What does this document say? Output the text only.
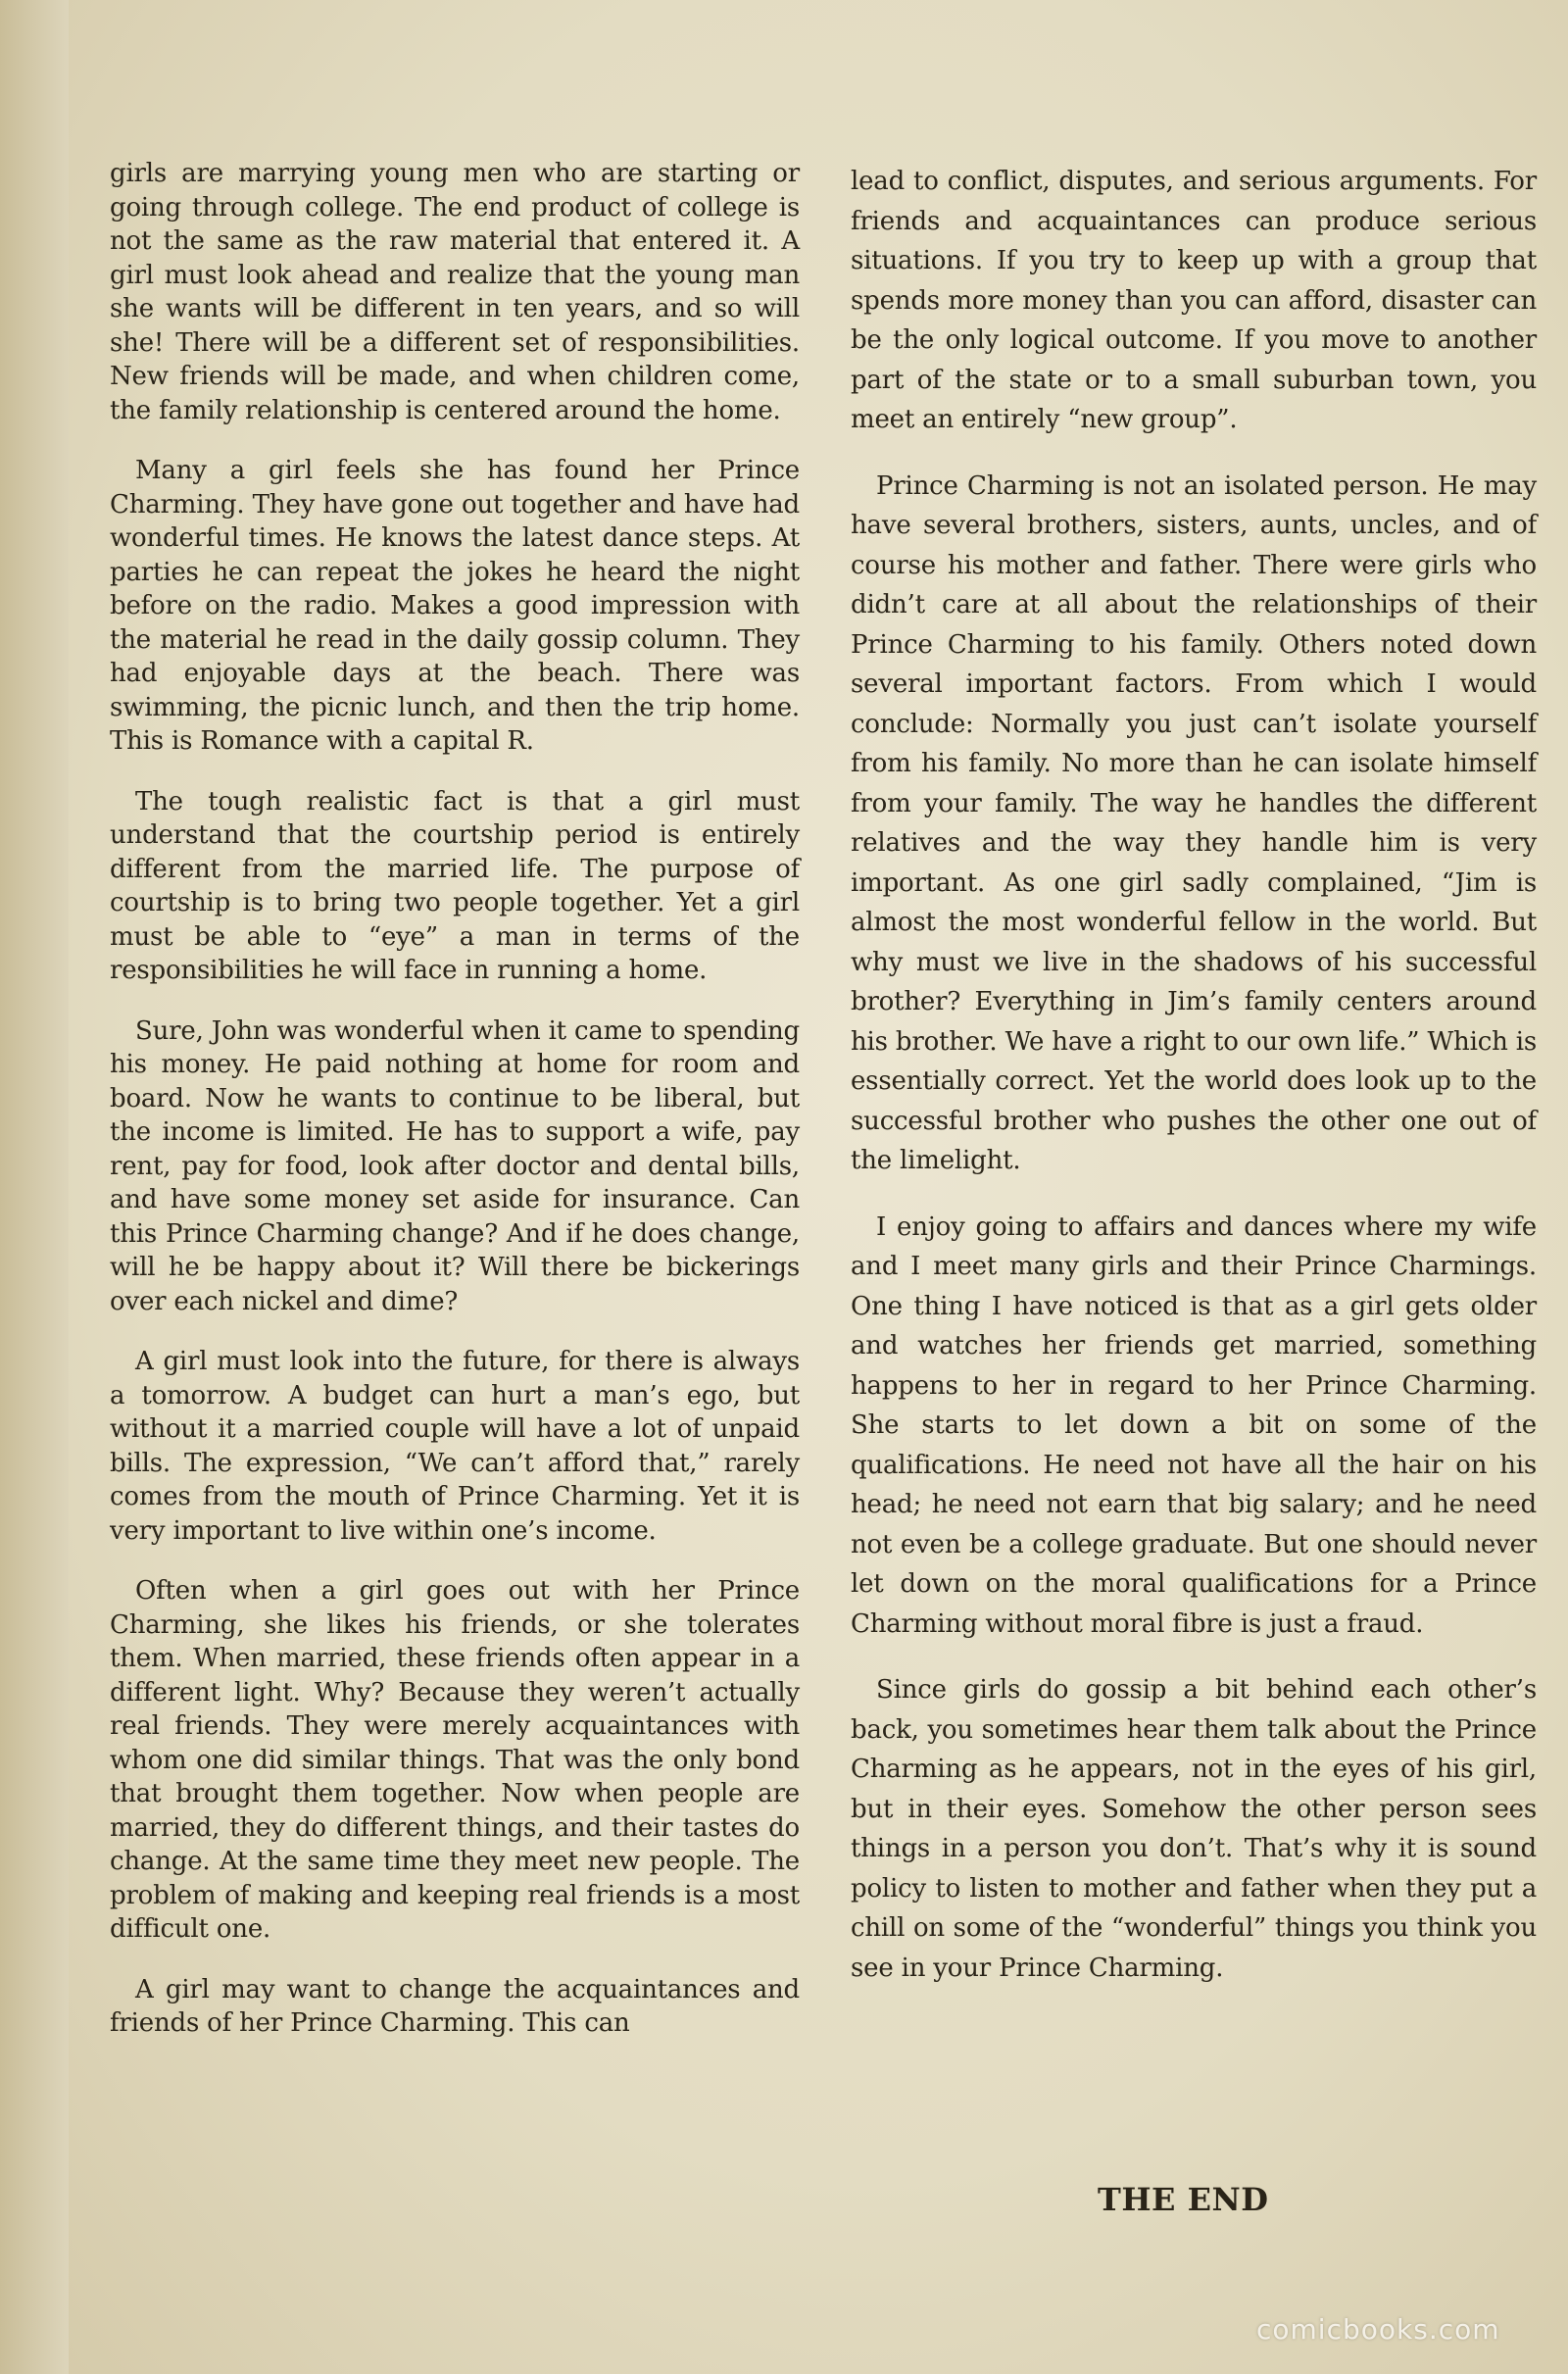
girls are marrying young men who are starting or going through college. The end product of college is not the same as the raw material that entered it. A girl must look ahead and realize that the young man she wants will be different in ten years, and so will she! There will be a different set of responsibilities. New friends will be made, and when children come, the family relationship is centered around the home.

Many a girl feels she has found her Prince Charming. They have gone out together and have had wonderful times. He knows the latest dance steps. At parties he can repeat the jokes he heard the night before on the radio. Makes a good impression with the material he read in the daily gossip column. They had enjoyable days at the beach. There was swimming, the picnic lunch, and then the trip home. This is Romance with a capital R.

The tough realistic fact is that a girl must understand that the courtship period is entirely different from the married life. The purpose of courtship is to bring two people together. Yet a girl must be able to “eye” a man in terms of the responsibilities he will face in running a home.

Sure, John was wonderful when it came to spending his money. He paid nothing at home for room and board. Now he wants to continue to be liberal, but the income is limited. He has to support a wife, pay rent, pay for food, look after doctor and dental bills, and have some money set aside for insurance. Can this Prince Charming change? And if he does change, will he be happy about it? Will there be bickerings over each nickel and dime?

A girl must look into the future, for there is always a tomorrow. A budget can hurt a man’s ego, but without it a married couple will have a lot of unpaid bills. The expression, “We can’t afford that,” rarely comes from the mouth of Prince Charming. Yet it is very important to live within one’s income.

Often when a girl goes out with her Prince Charming, she likes his friends, or she tolerates them. When married, these friends often appear in a different light. Why? Because they weren’t actually real friends. They were merely acquaintances with whom one did similar things. That was the only bond that brought them together. Now when people are married, they do different things, and their tastes do change. At the same time they meet new people. The problem of making and keeping real friends is a most difficult one.

A girl may want to change the acquaintances and friends of her Prince Charming. This can

lead to conflict, disputes, and serious arguments. For friends and acquaintances can produce serious situations. If you try to keep up with a group that spends more money than you can afford, disaster can be the only logical outcome. If you move to another part of the state or to a small suburban town, you meet an entirely “new group”.

Prince Charming is not an isolated person. He may have several brothers, sisters, aunts, uncles, and of course his mother and father. There were girls who didn’t care at all about the relationships of their Prince Charming to his family. Others noted down several important factors. From which I would conclude: Normally you just can’t isolate yourself from his family. No more than he can isolate himself from your family. The way he handles the different relatives and the way they handle him is very important. As one girl sadly complained, “Jim is almost the most wonderful fellow in the world. But why must we live in the shadows of his successful brother? Everything in Jim’s family centers around his brother. We have a right to our own life.” Which is essentially correct. Yet the world does look up to the successful brother who pushes the other one out of the limelight.

I enjoy going to affairs and dances where my wife and I meet many girls and their Prince Charmings. One thing I have noticed is that as a girl gets older and watches her friends get married, something happens to her in regard to her Prince Charming. She starts to let down a bit on some of the qualifications. He need not have all the hair on his head; he need not earn that big salary; and he need not even be a college graduate. But one should never let down on the moral qualifications for a Prince Charming without moral fibre is just a fraud.

Since girls do gossip a bit behind each other’s back, you sometimes hear them talk about the Prince Charming as he appears, not in the eyes of his girl, but in their eyes. Somehow the other person sees things in a person you don’t. That’s why it is sound policy to listen to mother and father when they put a chill on some of the “wonderful” things you think you see in your Prince Charming.

THE END
comicbooks.com
